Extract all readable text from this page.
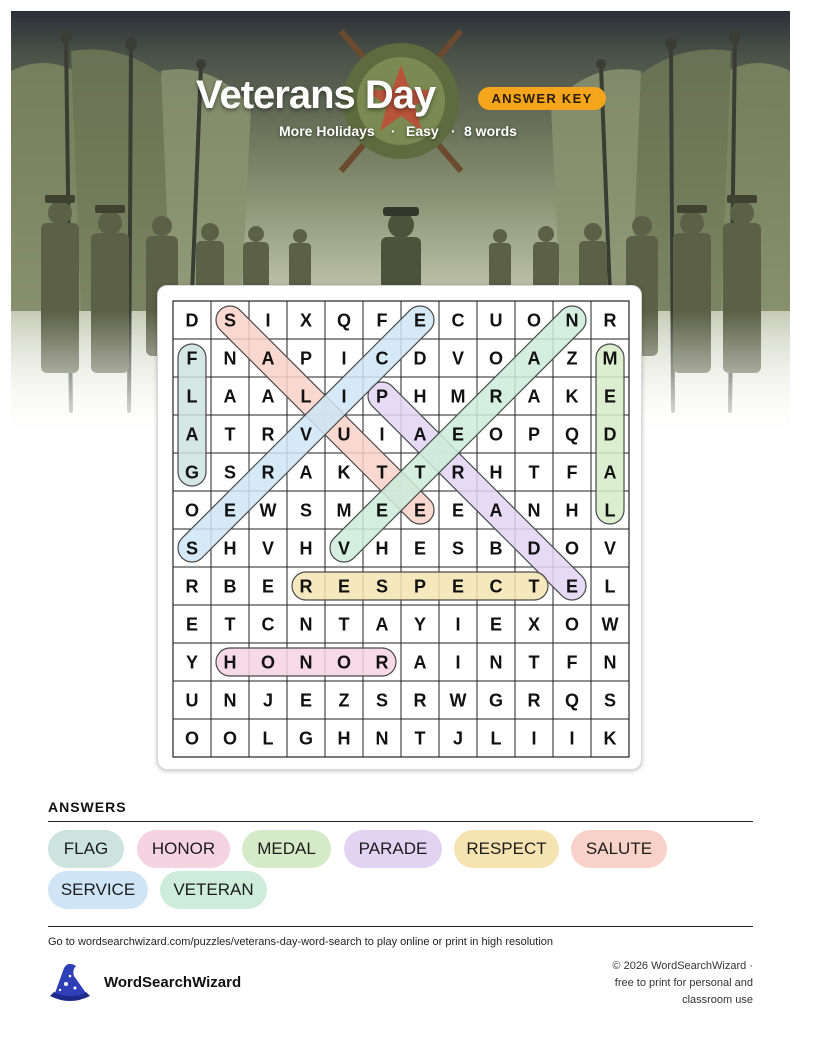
Veterans Day	ANSWER KEY
More Holidays · Easy · 8 words
D S I X Q F E C U O N R
F N A P I C D V O A Z M
L A A L I P H M R A K E
A T R V U I A E O P Q D
G S R A K T T R H T F A
O E W S M E E E A N H L
S H V H V H E S B D O V
R B E R E S P E C T E L
E T C N T A Y I E X O W
Y H O N O R A I N T F N
U N J E Z S R W G R Q S
O O L G H N T J L I I K
ANSWERS
FLAG	HONOR	MEDAL	PARADE	RESPECT	SALUTE
SERVICE	VETERAN
Go to wordsearchwizard.com/puzzles/veterans-day-word-search to play online or print in high resolution
WordSearchWizard
© 2026 WordSearchWizard ·
free to print for personal and
classroom use
